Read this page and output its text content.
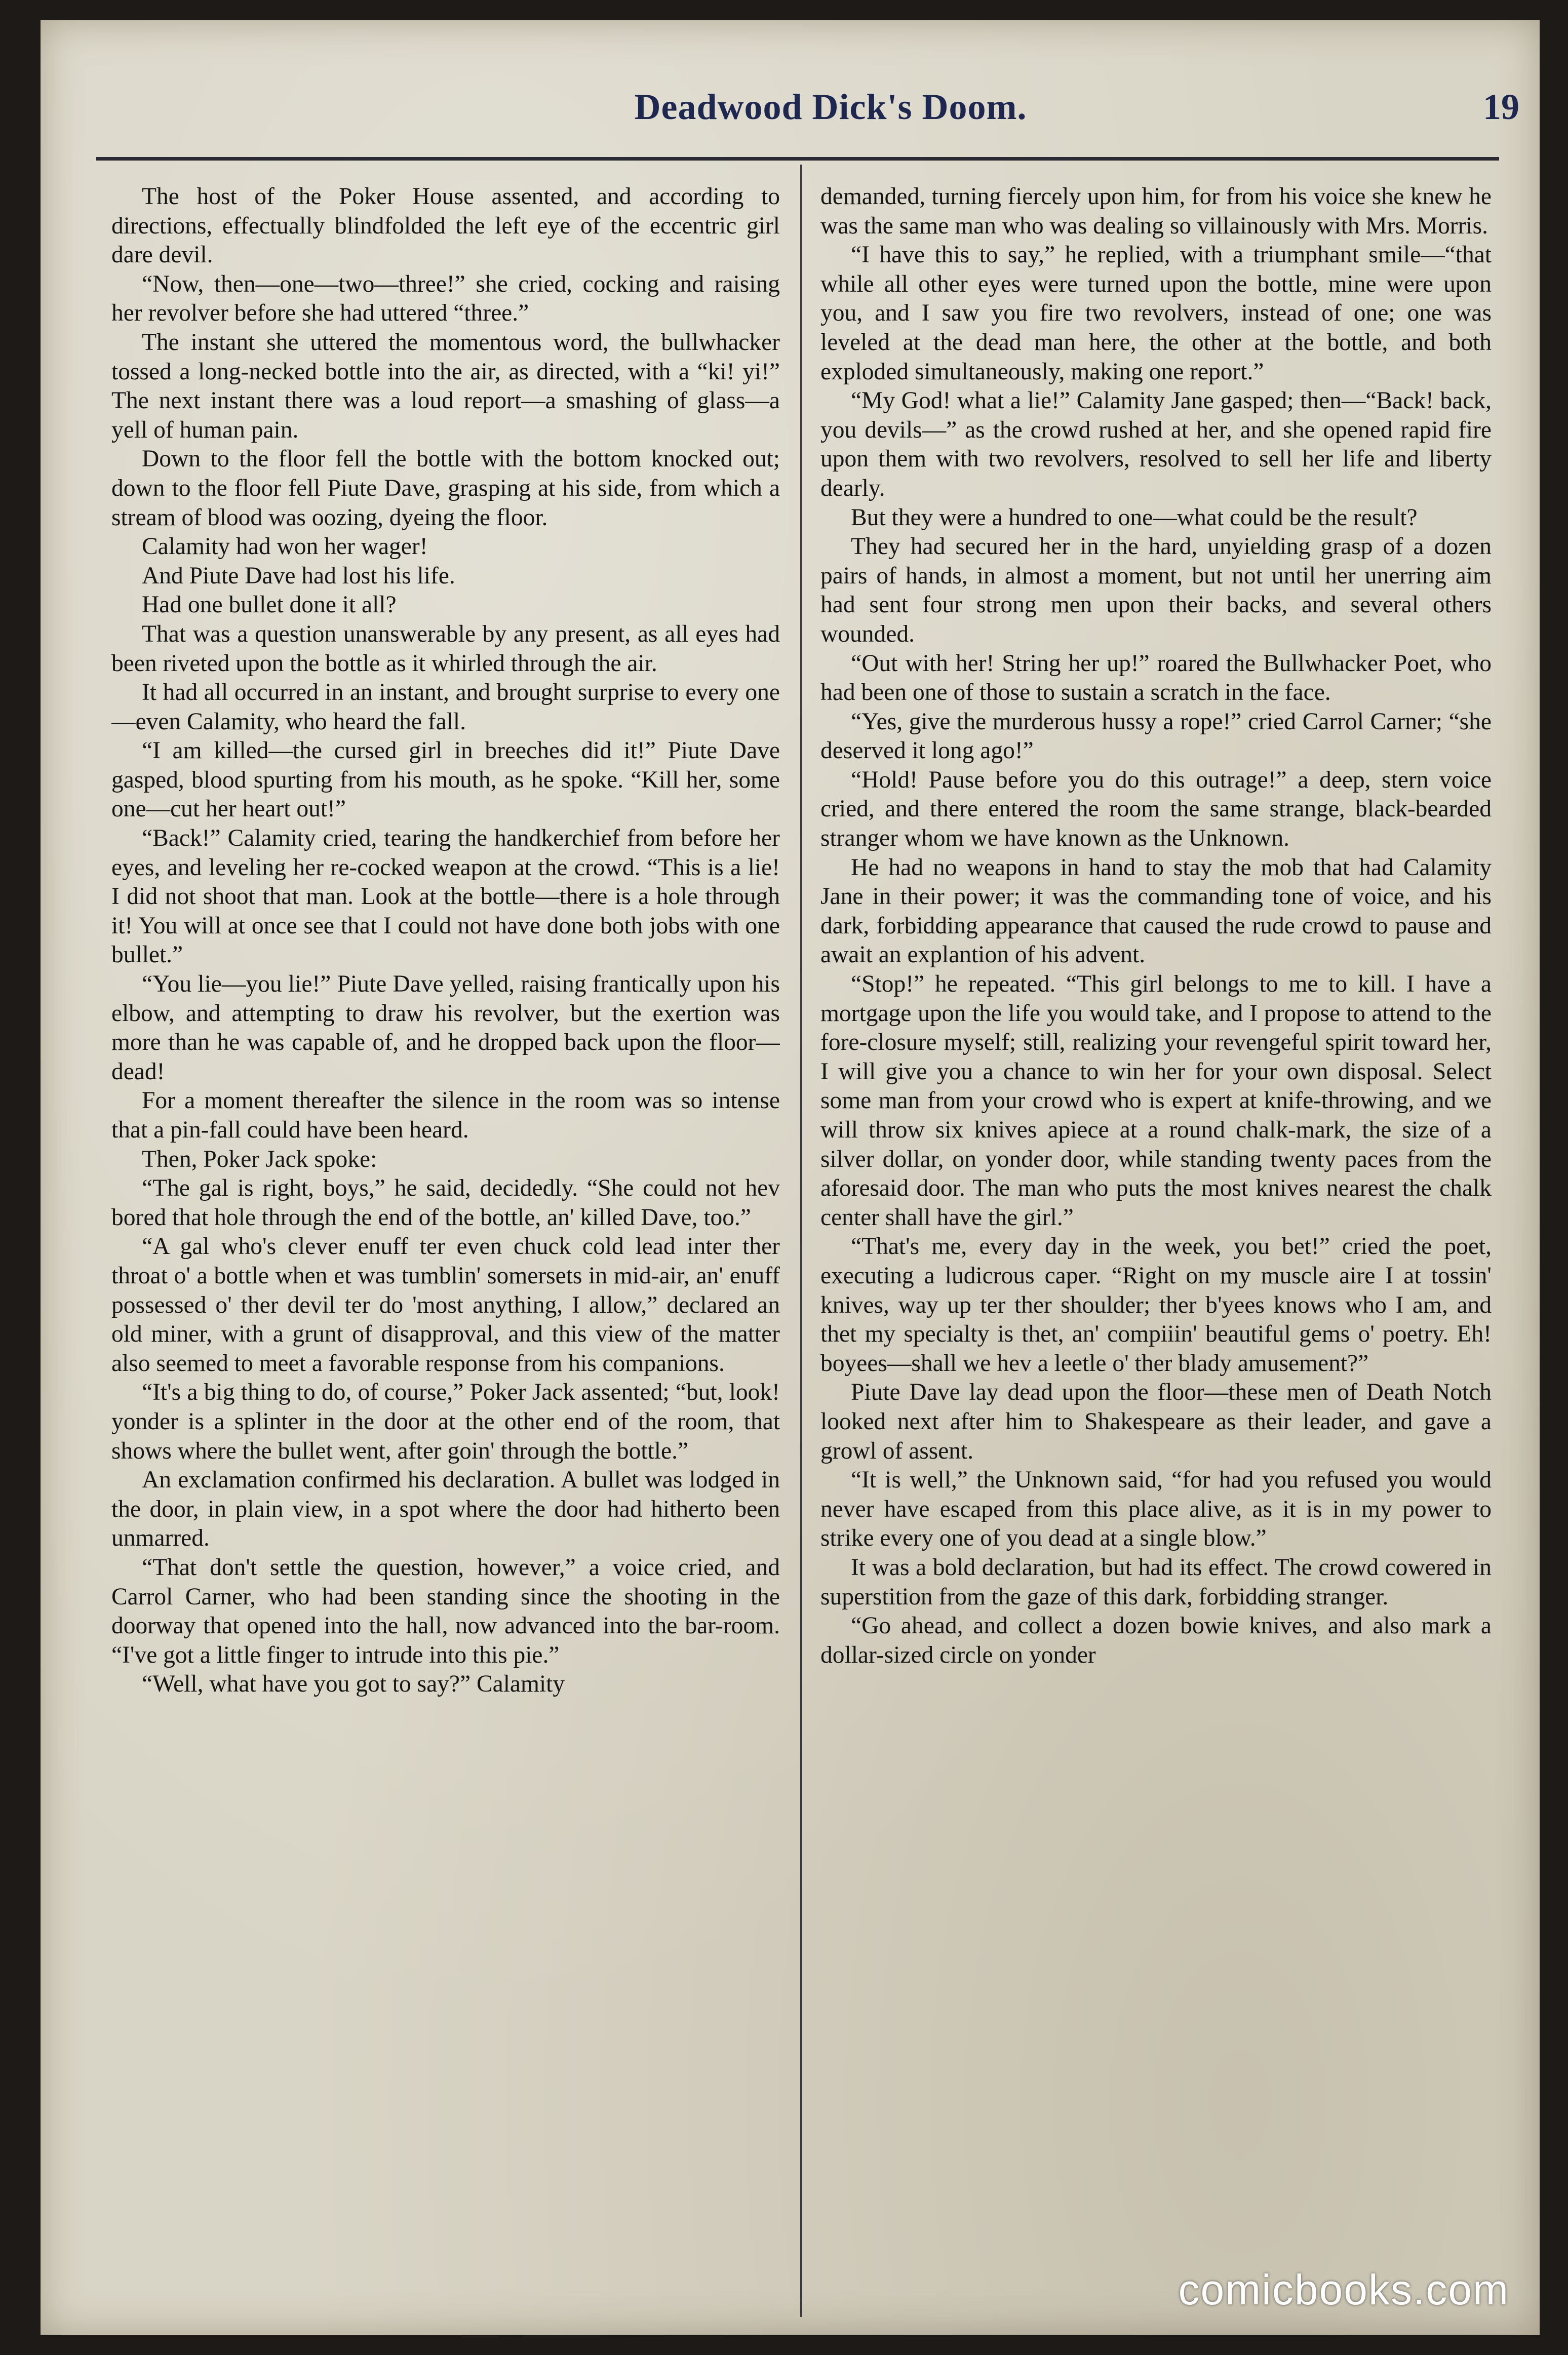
Deadwood Dick's Doom.	19

The host of the Poker House assented, and according to directions, effectually blindfolded the left eye of the eccentric girl dare devil.

“Now, then—one—two—three!” she cried, cocking and raising her revolver before she had uttered “three.”

The instant she uttered the momentous word, the bullwhacker tossed a long-necked bottle into the air, as directed, with a “ki! yi!” The next instant there was a loud report—a smashing of glass—a yell of human pain.

Down to the floor fell the bottle with the bottom knocked out; down to the floor fell Piute Dave, grasping at his side, from which a stream of blood was oozing, dyeing the floor.

Calamity had won her wager!

And Piute Dave had lost his life.

Had one bullet done it all?

That was a question unanswerable by any present, as all eyes had been riveted upon the bottle as it whirled through the air.

It had all occurred in an instant, and brought surprise to every one—even Calamity, who heard the fall.

“I am killed—the cursed girl in breeches did it!” Piute Dave gasped, blood spurting from his mouth, as he spoke. “Kill her, some one—cut her heart out!”

“Back!” Calamity cried, tearing the handkerchief from before her eyes, and leveling her re-cocked weapon at the crowd. “This is a lie! I did not shoot that man. Look at the bottle—there is a hole through it! You will at once see that I could not have done both jobs with one bullet.”

“You lie—you lie!” Piute Dave yelled, raising frantically upon his elbow, and attempting to draw his revolver, but the exertion was more than he was capable of, and he dropped back upon the floor—dead!

For a moment thereafter the silence in the room was so intense that a pin-fall could have been heard.

Then, Poker Jack spoke:

“The gal is right, boys,” he said, decidedly. “She could not hev bored that hole through the end of the bottle, an' killed Dave, too.”

“A gal who's clever enuff ter even chuck cold lead inter ther throat o' a bottle when et was tumblin' somersets in mid-air, an' enuff possessed o' ther devil ter do 'most anything, I allow,” declared an old miner, with a grunt of disapproval, and this view of the matter also seemed to meet a favorable response from his companions.

“It's a big thing to do, of course,” Poker Jack assented; “but, look! yonder is a splinter in the door at the other end of the room, that shows where the bullet went, after goin' through the bottle.”

An exclamation confirmed his declaration. A bullet was lodged in the door, in plain view, in a spot where the door had hitherto been unmarred.

“That don't settle the question, however,” a voice cried, and Carrol Carner, who had been standing since the shooting in the doorway that opened into the hall, now advanced into the bar-room. “I've got a little finger to intrude into this pie.”

“Well, what have you got to say?” Calamity

demanded, turning fiercely upon him, for from his voice she knew he was the same man who was dealing so villainously with Mrs. Morris.

“I have this to say,” he replied, with a triumphant smile—“that while all other eyes were turned upon the bottle, mine were upon you, and I saw you fire two revolvers, instead of one; one was leveled at the dead man here, the other at the bottle, and both exploded simultaneously, making one report.”

“My God! what a lie!” Calamity Jane gasped; then—“Back! back, you devils—” as the crowd rushed at her, and she opened rapid fire upon them with two revolvers, resolved to sell her life and liberty dearly.

But they were a hundred to one—what could be the result?

They had secured her in the hard, unyielding grasp of a dozen pairs of hands, in almost a moment, but not until her unerring aim had sent four strong men upon their backs, and several others wounded.

“Out with her! String her up!” roared the Bullwhacker Poet, who had been one of those to sustain a scratch in the face.

“Yes, give the murderous hussy a rope!” cried Carrol Carner; “she deserved it long ago!”

“Hold! Pause before you do this outrage!” a deep, stern voice cried, and there entered the room the same strange, black-bearded stranger whom we have known as the Unknown.

He had no weapons in hand to stay the mob that had Calamity Jane in their power; it was the commanding tone of voice, and his dark, forbidding appearance that caused the rude crowd to pause and await an explantion of his advent.

“Stop!” he repeated. “This girl belongs to me to kill. I have a mortgage upon the life you would take, and I propose to attend to the fore-closure myself; still, realizing your revengeful spirit toward her, I will give you a chance to win her for your own disposal. Select some man from your crowd who is expert at knife-throwing, and we will throw six knives apiece at a round chalk-mark, the size of a silver dollar, on yonder door, while standing twenty paces from the aforesaid door. The man who puts the most knives nearest the chalk center shall have the girl.”

“That's me, every day in the week, you bet!” cried the poet, executing a ludicrous caper. “Right on my muscle aire I at tossin' knives, way up ter ther shoulder; ther b'yees knows who I am, and thet my specialty is thet, an' compiiin' beautiful gems o' poetry. Eh! boyees—shall we hev a leetle o' ther blady amusement?”

Piute Dave lay dead upon the floor—these men of Death Notch looked next after him to Shakespeare as their leader, and gave a growl of assent.

“It is well,” the Unknown said, “for had you refused you would never have escaped from this place alive, as it is in my power to strike every one of you dead at a single blow.”

It was a bold declaration, but had its effect. The crowd cowered in superstition from the gaze of this dark, forbidding stranger.

“Go ahead, and collect a dozen bowie knives, and also mark a dollar-sized circle on yonder

comicbooks.com
